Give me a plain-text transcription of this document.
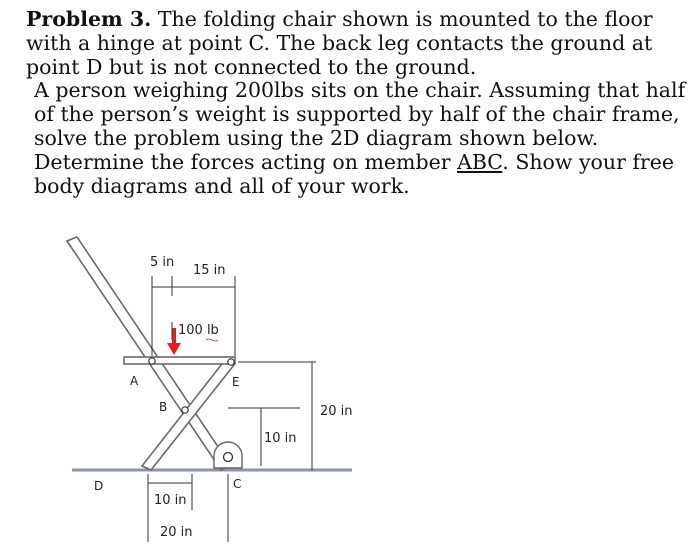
Problem 3. The folding chair shown is mounted to the floor with a hinge at point C. The back leg contacts the ground at point D but is not connected to the ground.

A person weighing 200lbs sits on the chair. Assuming that half of the person’s weight is supported by half of the chair frame, solve the problem using the 2D diagram shown below. Determine the forces acting on member ABC. Show your free body diagrams and all of your work.

100 lb
5 in
15 in
20 in
10 in
10 in
20 in
A
B
E
C
D
